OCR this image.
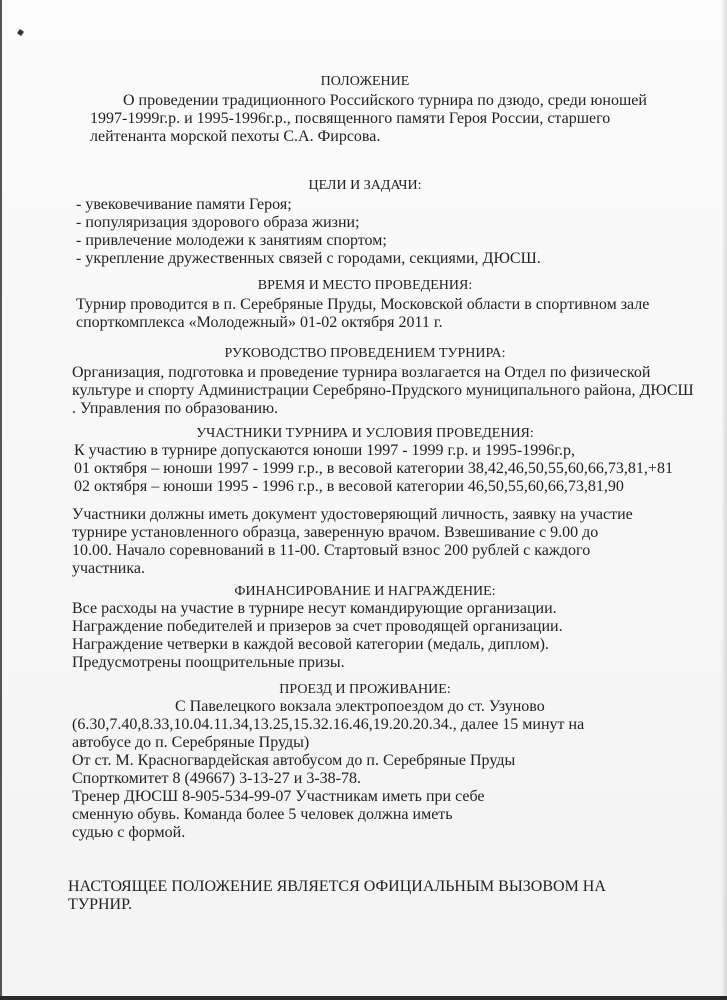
ПОЛОЖЕНИЕ
О проведении традиционного Российского турнира по дзюдо, среди юношей
1997-1999г.р. и 1995-1996г.р., посвященного памяти Героя России, старшего
лейтенанта морской пехоты С.А. Фирсова.
ЦЕЛИ И ЗАДАЧИ:
- увековечивание памяти Героя;
- популяризация здорового образа жизни;
- привлечение молодежи к занятиям спортом;
- укрепление дружественных связей с городами, секциями, ДЮСШ.
ВРЕМЯ И МЕСТО ПРОВЕДЕНИЯ:
Турнир проводится в п. Серебряные Пруды, Московской области в спортивном зале
спорткомплекса «Молодежный» 01-02 октября 2011 г.
РУКОВОДСТВО ПРОВЕДЕНИЕМ ТУРНИРА:
Организация, подготовка и проведение турнира возлагается на Отдел по физической
культуре и спорту Администрации Серебряно-Прудского муниципального района, ДЮСШ
. Управления по образованию.
УЧАСТНИКИ ТУРНИРА И УСЛОВИЯ ПРОВЕДЕНИЯ:
К участию в турнире допускаются юноши 1997 - 1999 г.р. и 1995-1996г.р,
01 октября – юноши 1997 - 1999 г.р., в весовой категории 38,42,46,50,55,60,66,73,81,+81
02 октября – юноши 1995 - 1996 г.р., в весовой категории 46,50,55,60,66,73,81,90
Участники должны иметь документ удостоверяющий личность, заявку на участие
турнире установленного образца, заверенную врачом. Взвешивание с 9.00 до
10.00. Начало соревнований в 11-00. Стартовый взнос 200 рублей с каждого
участника.
ФИНАНСИРОВАНИЕ И НАГРАЖДЕНИЕ:
Все расходы на участие в турнире несут командирующие организации.
Награждение победителей и призеров за счет проводящей организации.
Награждение четверки в каждой весовой категории (медаль, диплом).
Предусмотрены поощрительные призы.
ПРОЕЗД И ПРОЖИВАНИЕ:
С Павелецкого вокзала электропоездом до ст. Узуново
(6.30,7.40,8.33,10.04.11.34,13.25,15.32.16.46,19.20.20.34., далее 15 минут на
автобусе до п. Серебряные Пруды)
От ст. М. Красногвардейская автобусом до п. Серебряные Пруды
Спорткомитет 8 (49667) 3-13-27 и 3-38-78.
Тренер ДЮСШ 8-905-534-99-07 Участникам иметь при себе
сменную обувь. Команда более 5 человек должна иметь
судью с формой.
НАСТОЯЩЕЕ ПОЛОЖЕНИЕ ЯВЛЯЕТСЯ ОФИЦИАЛЬНЫМ ВЫЗОВОМ НА
ТУРНИР.
